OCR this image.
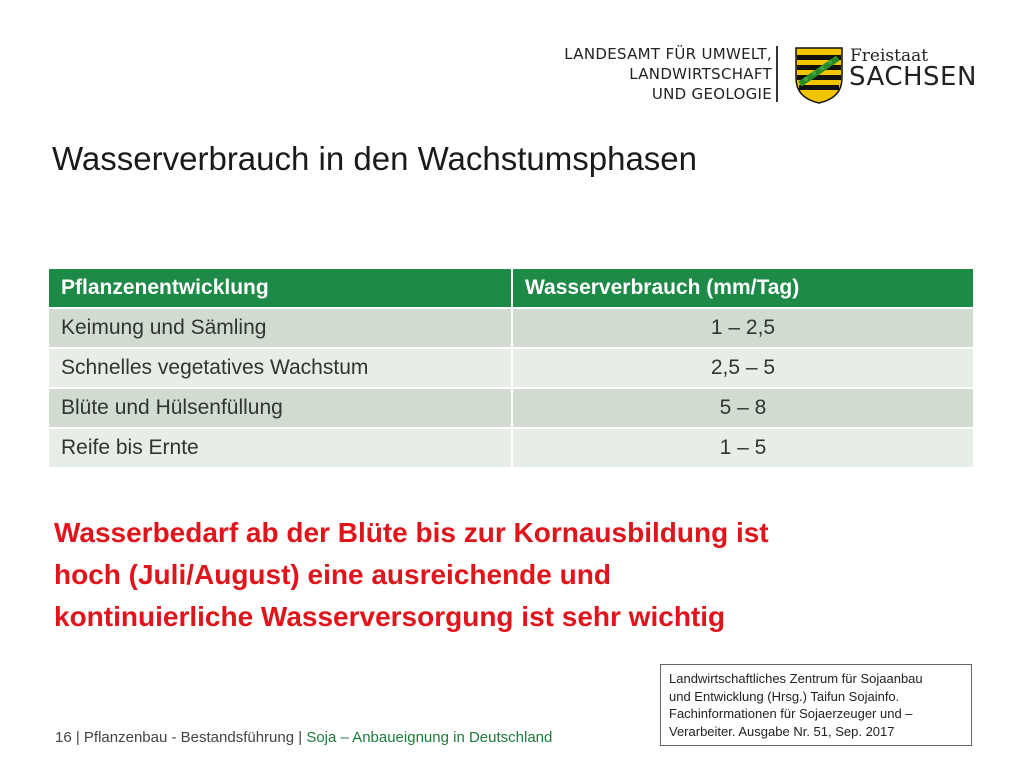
LANDESAMT FÜR UMWELT,
LANDWIRTSCHAFT
UND GEOLOGIE
Freistaat
SACHSEN
Wasserverbrauch in den Wachstumsphasen
Pflanzenentwicklung	Wasserverbrauch (mm/Tag)
Keimung und Sämling	1 – 2,5
Schnelles vegetatives Wachstum	2,5 – 5
Blüte und Hülsenfüllung	5 – 8
Reife bis Ernte	1 – 5
Wasserbedarf ab der Blüte bis zur Kornausbildung ist
hoch (Juli/August) eine ausreichende und
kontinuierliche Wasserversorgung ist sehr wichtig
Landwirtschaftliches Zentrum für Sojaanbau
und Entwicklung (Hrsg.) Taifun Sojainfo.
Fachinformationen für Sojaerzeuger und –
Verarbeiter. Ausgabe Nr. 51, Sep. 2017
16 | Pflanzenbau - Bestandsführung | Soja – Anbaueignung in Deutschland
